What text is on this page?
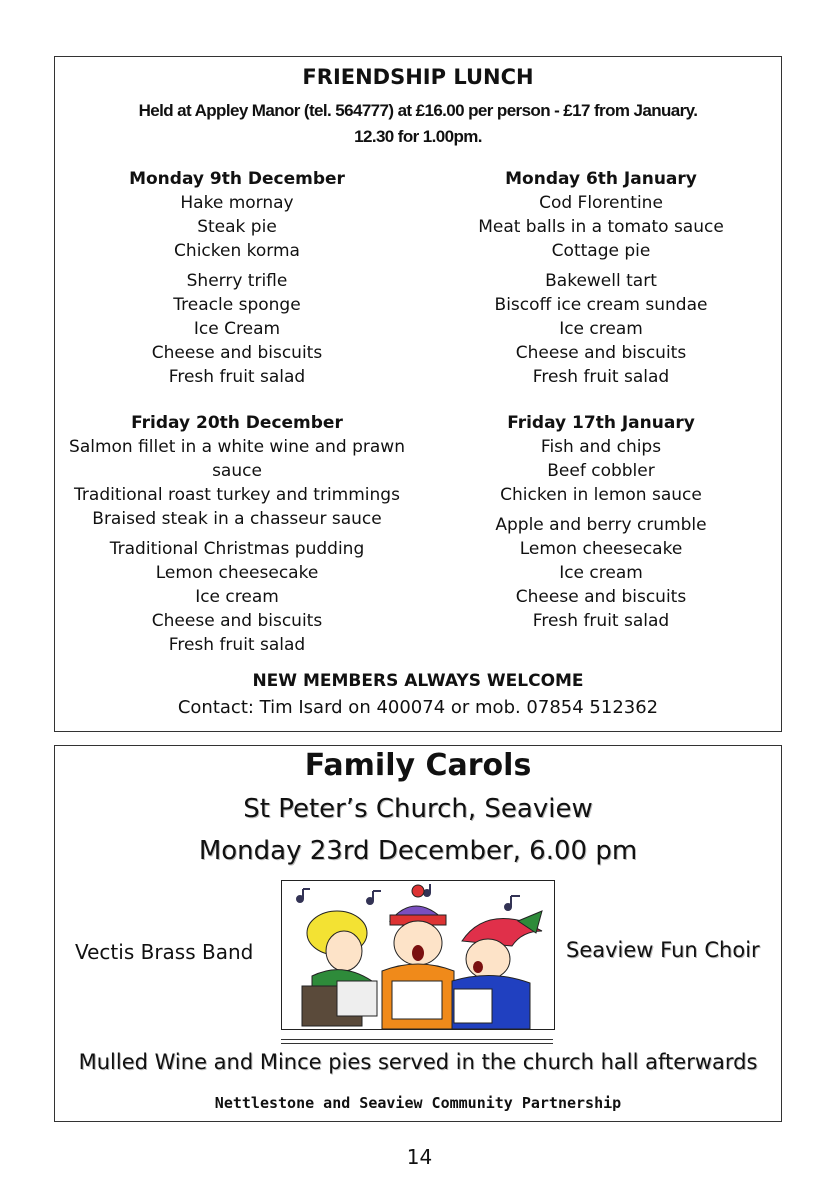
FRIENDSHIP LUNCH
Held at Appley Manor (tel. 564777) at £16.00 per person - £17 from January.
12.30 for 1.00pm.
Monday 9th December
Hake mornay
Steak pie
Chicken korma
Sherry trifle
Treacle sponge
Ice Cream
Cheese and biscuits
Fresh fruit salad
Friday 20th December
Salmon fillet in a white wine and prawn
sauce
Traditional roast turkey and trimmings
Braised steak in a chasseur sauce
Traditional Christmas pudding
Lemon cheesecake
Ice cream
Cheese and biscuits
Fresh fruit salad
Monday 6th January
Cod Florentine
Meat balls in a tomato sauce
Cottage pie
Bakewell tart
Biscoff ice cream sundae
Ice cream
Cheese and biscuits
Fresh fruit salad
Friday 17th January
Fish and chips
Beef cobbler
Chicken in lemon sauce
Apple and berry crumble
Lemon cheesecake
Ice cream
Cheese and biscuits
Fresh fruit salad
NEW MEMBERS ALWAYS WELCOME
Contact: Tim Isard on 400074 or mob. 07854 512362
Family Carols
St Peter’s Church, Seaview
Monday 23rd December, 6.00 pm
Vectis Brass Band	Seaview Fun Choir
Mulled Wine and Mince pies served in the church hall afterwards
Nettlestone and Seaview Community Partnership
14
